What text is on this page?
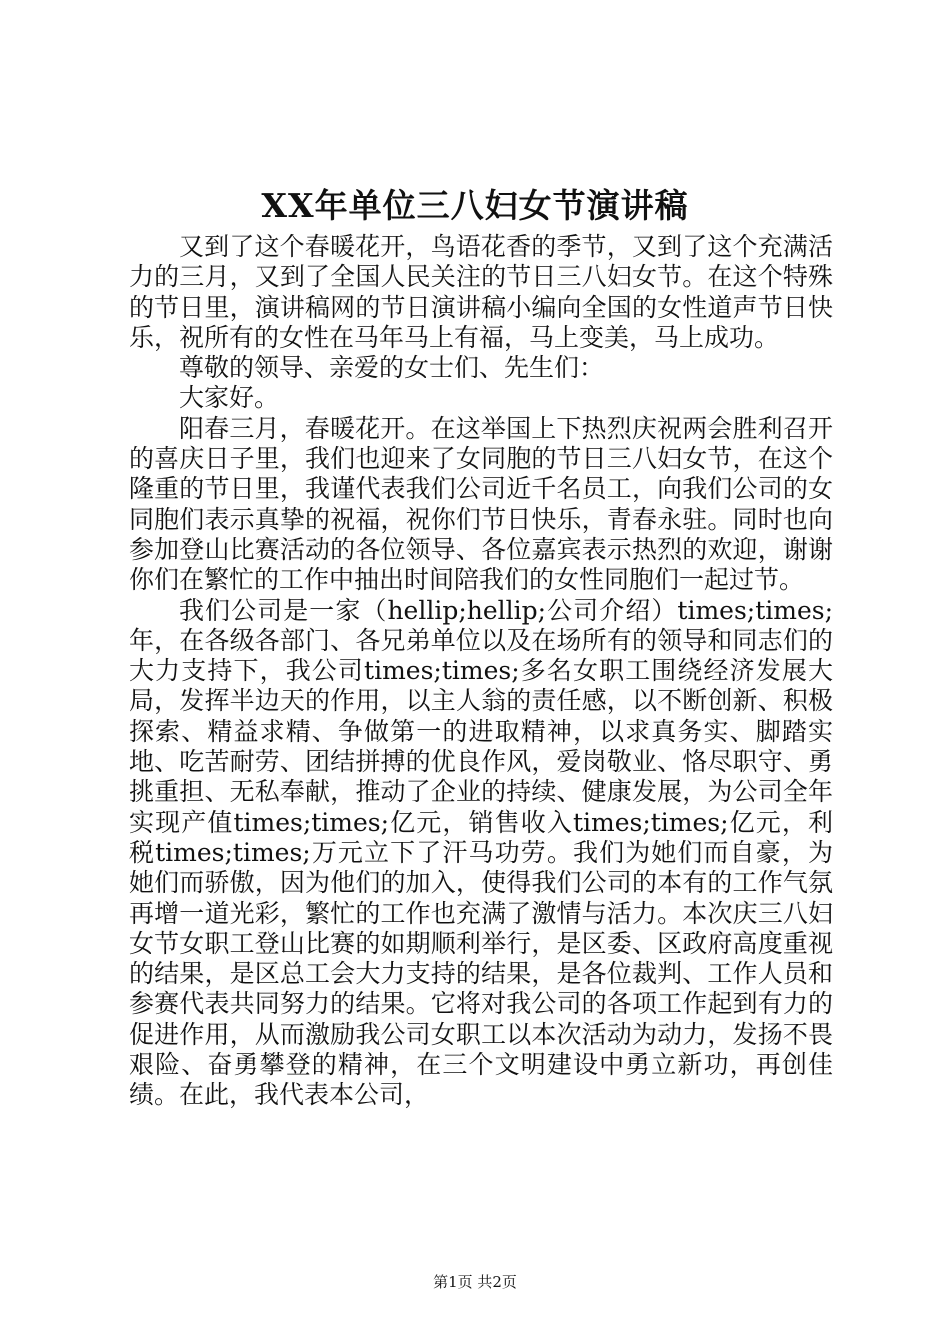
XX年单位三八妇女节演讲稿

又到了这个春暖花开，鸟语花香的季节，又到了这个充满活力的三月，又到了全国人民关注的节日三八妇女节。在这个特殊的节日里，演讲稿网的节日演讲稿小编向全国的女性道声节日快乐，祝所有的女性在马年马上有福，马上变美，马上成功。

尊敬的领导、亲爱的女士们、先生们：

大家好。

阳春三月，春暖花开。在这举国上下热烈庆祝两会胜利召开的喜庆日子里，我们也迎来了女同胞的节日三八妇女节，在这个隆重的节日里，我谨代表我们公司近千名员工，向我们公司的女同胞们表示真挚的祝福，祝你们节日快乐，青春永驻。同时也向参加登山比赛活动的各位领导、各位嘉宾表示热烈的欢迎，谢谢你们在繁忙的工作中抽出时间陪我们的女性同胞们一起过节。

我们公司是一家（hellip;hellip;公司介绍）times;times;年，在各级各部门、各兄弟单位以及在场所有的领导和同志们的大力支持下，我公司times;times;多名女职工围绕经济发展大局，发挥半边天的作用，以主人翁的责任感，以不断创新、积极探索、精益求精、争做第一的进取精神，以求真务实、脚踏实地、吃苦耐劳、团结拼搏的优良作风，爱岗敬业、恪尽职守、勇挑重担、无私奉献，推动了企业的持续、健康发展，为公司全年实现产值times;times;亿元，销售收入times;times;亿元，利税times;times;万元立下了汗马功劳。我们为她们而自豪，为她们而骄傲，因为他们的加入，使得我们公司的本有的工作气氛再增一道光彩，繁忙的工作也充满了激情与活力。本次庆三八妇女节女职工登山比赛的如期顺利举行，是区委、区政府高度重视的结果，是区总工会大力支持的结果，是各位裁判、工作人员和参赛代表共同努力的结果。它将对我公司的各项工作起到有力的促进作用，从而激励我公司女职工以本次活动为动力，发扬不畏艰险、奋勇攀登的精神，在三个文明建设中勇立新功，再创佳绩。在此，我代表本公司，

第1页 共2页
